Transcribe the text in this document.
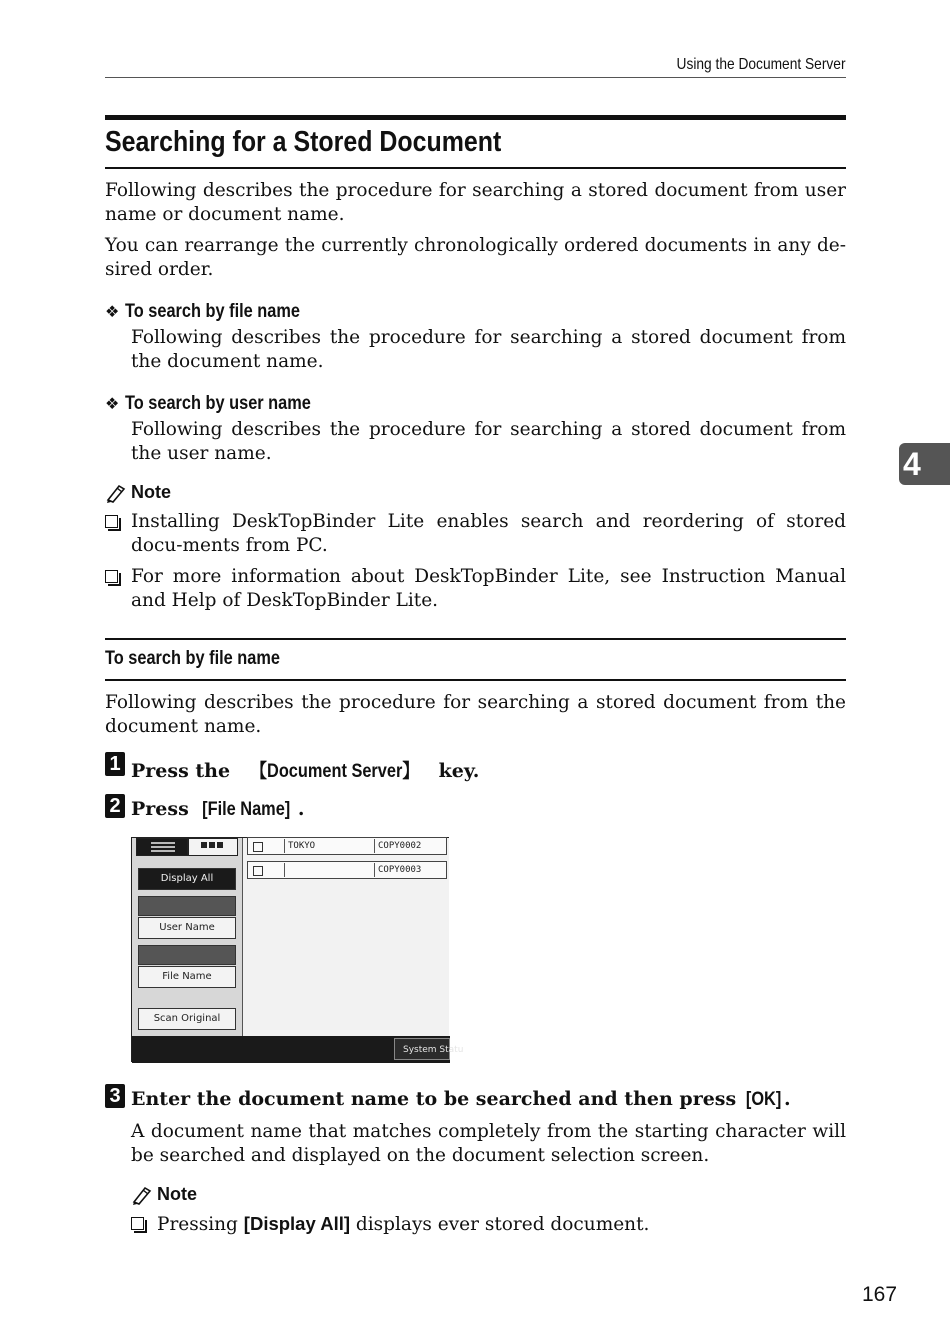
Using the Document Server
4
Searching for a Stored Document
Following describes the procedure for searching a stored document from user name or document name.
You can rearrange the currently chronologically ordered documents in any de-sired order.
❖ To search by file name
Following describes the procedure for searching a stored document from the document name.
❖ To search by user name
Following describes the procedure for searching a stored document from the user name.
Note
Installing DeskTopBinder Lite enables search and reordering of stored docu-ments from PC.
For more information about DeskTopBinder Lite, see Instruction Manual and Help of DeskTopBinder Lite.
To search by file name
Following describes the procedure for searching a stored document from the document name.
1 Press the 【Document Server】 key.
2 Press [File Name] .
Display All
User Name
File Name
Scan Original
TOKYO	COPY0002
COPY0003
System Statu
3 Enter the document name to be searched and then press [OK] .
A document name that matches completely from the starting character will be searched and displayed on the document selection screen.
Note
Pressing [Display All] displays ever stored document.
167
